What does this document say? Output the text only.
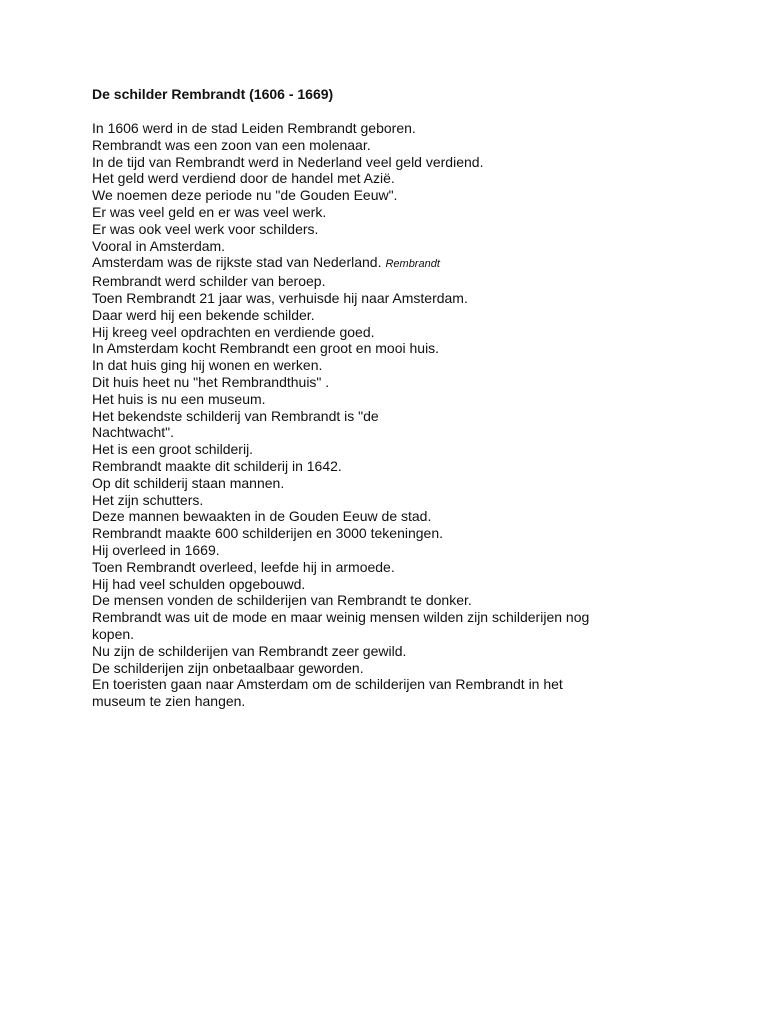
De schilder Rembrandt (1606 - 1669)
In 1606 werd in de stad Leiden Rembrandt geboren.
Rembrandt was een zoon van een molenaar.
In de tijd van Rembrandt werd in Nederland veel geld verdiend.
Het geld werd verdiend door de handel met Azië.
We noemen deze periode nu "de Gouden Eeuw".
Er was veel geld en er was veel werk.
Er was ook veel werk voor schilders.
Vooral in Amsterdam.
Amsterdam was de rijkste stad van Nederland. Rembrandt
Rembrandt werd schilder van beroep.
Toen Rembrandt 21 jaar was, verhuisde hij naar Amsterdam.
Daar werd hij een bekende schilder.
Hij kreeg veel opdrachten en verdiende goed.
In Amsterdam kocht Rembrandt een groot en mooi huis.
In dat huis ging hij wonen en werken.
Dit huis heet nu "het Rembrandthuis" .
Het huis is nu een museum.
Het bekendste schilderij van Rembrandt is "de
Nachtwacht".
Het is een groot schilderij.
Rembrandt maakte dit schilderij in 1642.
Op dit schilderij staan mannen.
Het zijn schutters.
Deze mannen bewaakten in de Gouden Eeuw de stad.
Rembrandt maakte 600 schilderijen en 3000 tekeningen.
Hij overleed in 1669.
Toen Rembrandt overleed, leefde hij in armoede.
Hij had veel schulden opgebouwd.
De mensen vonden de schilderijen van Rembrandt te donker.
Rembrandt was uit de mode en maar weinig mensen wilden zijn schilderijen nog
kopen.
Nu zijn de schilderijen van Rembrandt zeer gewild.
De schilderijen zijn onbetaalbaar geworden.
En toeristen gaan naar Amsterdam om de schilderijen van Rembrandt in het
museum te zien hangen.
